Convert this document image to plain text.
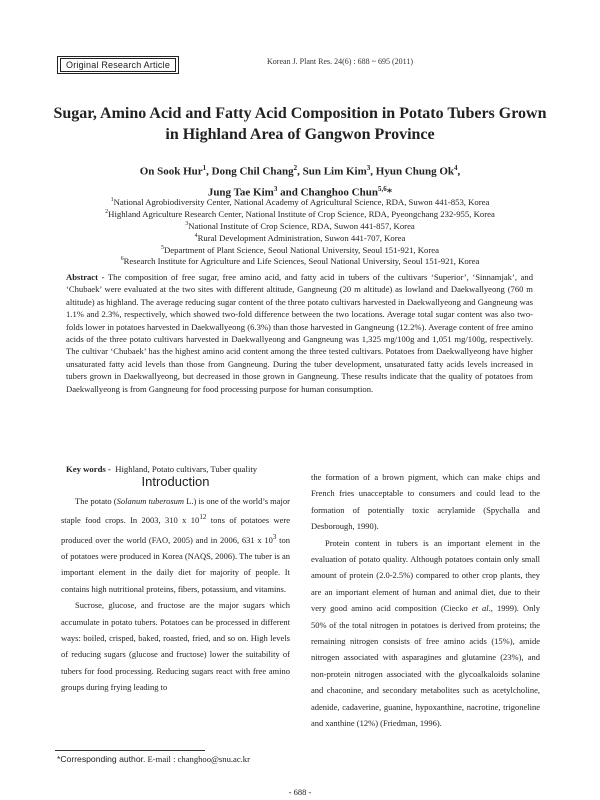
Original Research Article	Korean J. Plant Res. 24(6) : 688 ~ 695 (2011)
Sugar, Amino Acid and Fatty Acid Composition in Potato Tubers Grown
in Highland Area of Gangwon Province
On Sook Hur$^1$, Dong Chil Chang$^2$, Sun Lim Kim$^3$, Hyun Chung Ok$^4$,
Jung Tae Kim$^3$ and Changhoo Chun$^{5,6}$*
$^1$National Agrobiodiversity Center, National Academy of Agricultural Science, RDA, Suwon 441-853, Korea
$^2$Highland Agriculture Research Center, National Institute of Crop Science, RDA, Pyeongchang 232-955, Korea
$^3$National Institute of Crop Science, RDA, Suwon 441-857, Korea
$^4$Rural Development Administration, Suwon 441-707, Korea
$^5$Department of Plant Science, Seoul National University, Seoul 151-921, Korea
$^6$Research Institute for Agriculture and Life Sciences, Seoul National University, Seoul 151-921, Korea
Abstract - The composition of free sugar, free amino acid, and fatty acid in tubers of the cultivars ‘Superior’, ‘Sinnamjak’, and ‘Chubaek’ were evaluated at the two sites with different altitude, Gangneung (20 m altitude) as lowland and Daekwallyeong (760 m altitude) as highland. The average reducing sugar content of the three potato cultivars harvested in Daekwallyeong and Gangneung was 1.1% and 2.3%, respectively, which showed two-fold difference between the two locations. Average total sugar content was also two-folds lower in potatoes harvested in Daekwallyeong (6.3%) than those harvested in Gangneung (12.2%). Average content of free amino acids of the three potato cultivars harvested in Daekwallyeong and Gangneung was 1,325 mg/100g and 1,051 mg/100g, respectively. The cultivar ‘Chubaek’ has the highest amino acid content among the three tested cultivars. Potatoes from Daekwallyeong have higher unsaturated fatty acid levels than those from Gangneung. During the tuber development, unsaturated fatty acids levels increased in tubers grown in Daekwallyeong, but decreased in those grown in Gangneung. These results indicate that the quality of potatoes from Daekwallyeong is from Gangneung for food processing purpose for human consumption.
Key words - Highland, Potato cultivars, Tuber quality
Introduction

The potato (Solanum tuberosum L.) is one of the world’s major staple food crops. In 2003, 310 x $10^{12}$ tons of potatoes were produced over the world (FAO, 2005) and in 2006, 631 x $10^3$ ton of potatoes were produced in Korea (NAQS, 2006). The tuber is an important element in the daily diet for majority of people. It contains high nutritional proteins, fibers, potassium, and vitamins.

Sucrose, glucose, and fructose are the major sugars which accumulate in potato tubers. Potatoes can be processed in different ways: boiled, crisped, baked, roasted, fried, and so on. High levels of reducing sugars (glucose and fructose) lower the suitability of tubers for food processing. Reducing sugars react with free amino groups during frying leading to

the formation of a brown pigment, which can make chips and French fries unacceptable to consumers and could lead to the formation of potentially toxic acrylamide (Spychalla and Desborough, 1990).

Protein content in tubers is an important element in the evaluation of potato quality. Although potatoes contain only small amount of protein (2.0-2.5%) compared to other crop plants, they are an important element of human and animal diet, due to their very good amino acid composition (Ciecko et al., 1999). Only 50% of the total nitrogen in potatoes is derived from proteins; the remaining nitrogen consists of free amino acids (15%), amide nitrogen associated with asparagines and glutamine (23%), and non-protein nitrogen associated with the glycoalkaloids solanine and chaconine, and secondary metabolites such as acetylcholine, adenide, cadaverine, guanine, hypoxanthine, nacrotine, trigoneline and xanthine (12%) (Friedman, 1996).

*Corresponding author. E-mail : changhoo@snu.ac.kr
- 688 -
